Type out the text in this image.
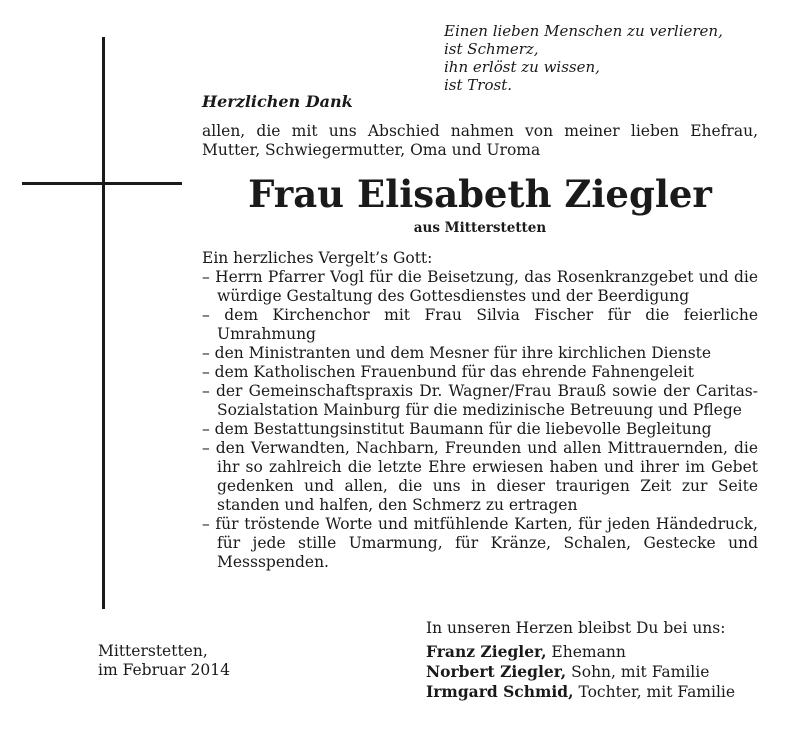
Einen lieben Menschen zu verlieren,
ist Schmerz,
ihn erlöst zu wissen,
ist Trost.
Herzlichen Dank
allen, die mit uns Abschied nahmen von meiner lieben Ehefrau, Mutter, Schwiegermutter, Oma und Uroma
Frau Elisabeth Ziegler
aus Mitterstetten
Ein herzliches Vergelt’s Gott:
– Herrn Pfarrer Vogl für die Beisetzung, das Rosenkranzgebet und die würdige Gestaltung des Gottesdienstes und der Beerdigung
– dem Kirchenchor mit Frau Silvia Fischer für die feierliche Umrahmung
– den Ministranten und dem Mesner für ihre kirchlichen Dienste
– dem Katholischen Frauenbund für das ehrende Fahnengeleit
– der Gemeinschaftspraxis Dr. Wagner/Frau Brauß sowie der Caritas-Sozialstation Mainburg für die medizinische Betreuung und Pflege
– dem Bestattungsinstitut Baumann für die liebevolle Begleitung
– den Verwandten, Nachbarn, Freunden und allen Mittrauernden, die ihr so zahlreich die letzte Ehre erwiesen haben und ihrer im Gebet gedenken und allen, die uns in dieser traurigen Zeit zur Seite standen und halfen, den Schmerz zu ertragen
– für tröstende Worte und mitfühlende Karten, für jeden Händedruck, für jede stille Umarmung, für Kränze, Schalen, Gestecke und Messspenden.
In unseren Herzen bleibst Du bei uns:
Mitterstetten,
im Februar 2014
Franz Ziegler, Ehemann
Norbert Ziegler, Sohn, mit Familie
Irmgard Schmid, Tochter, mit Familie
